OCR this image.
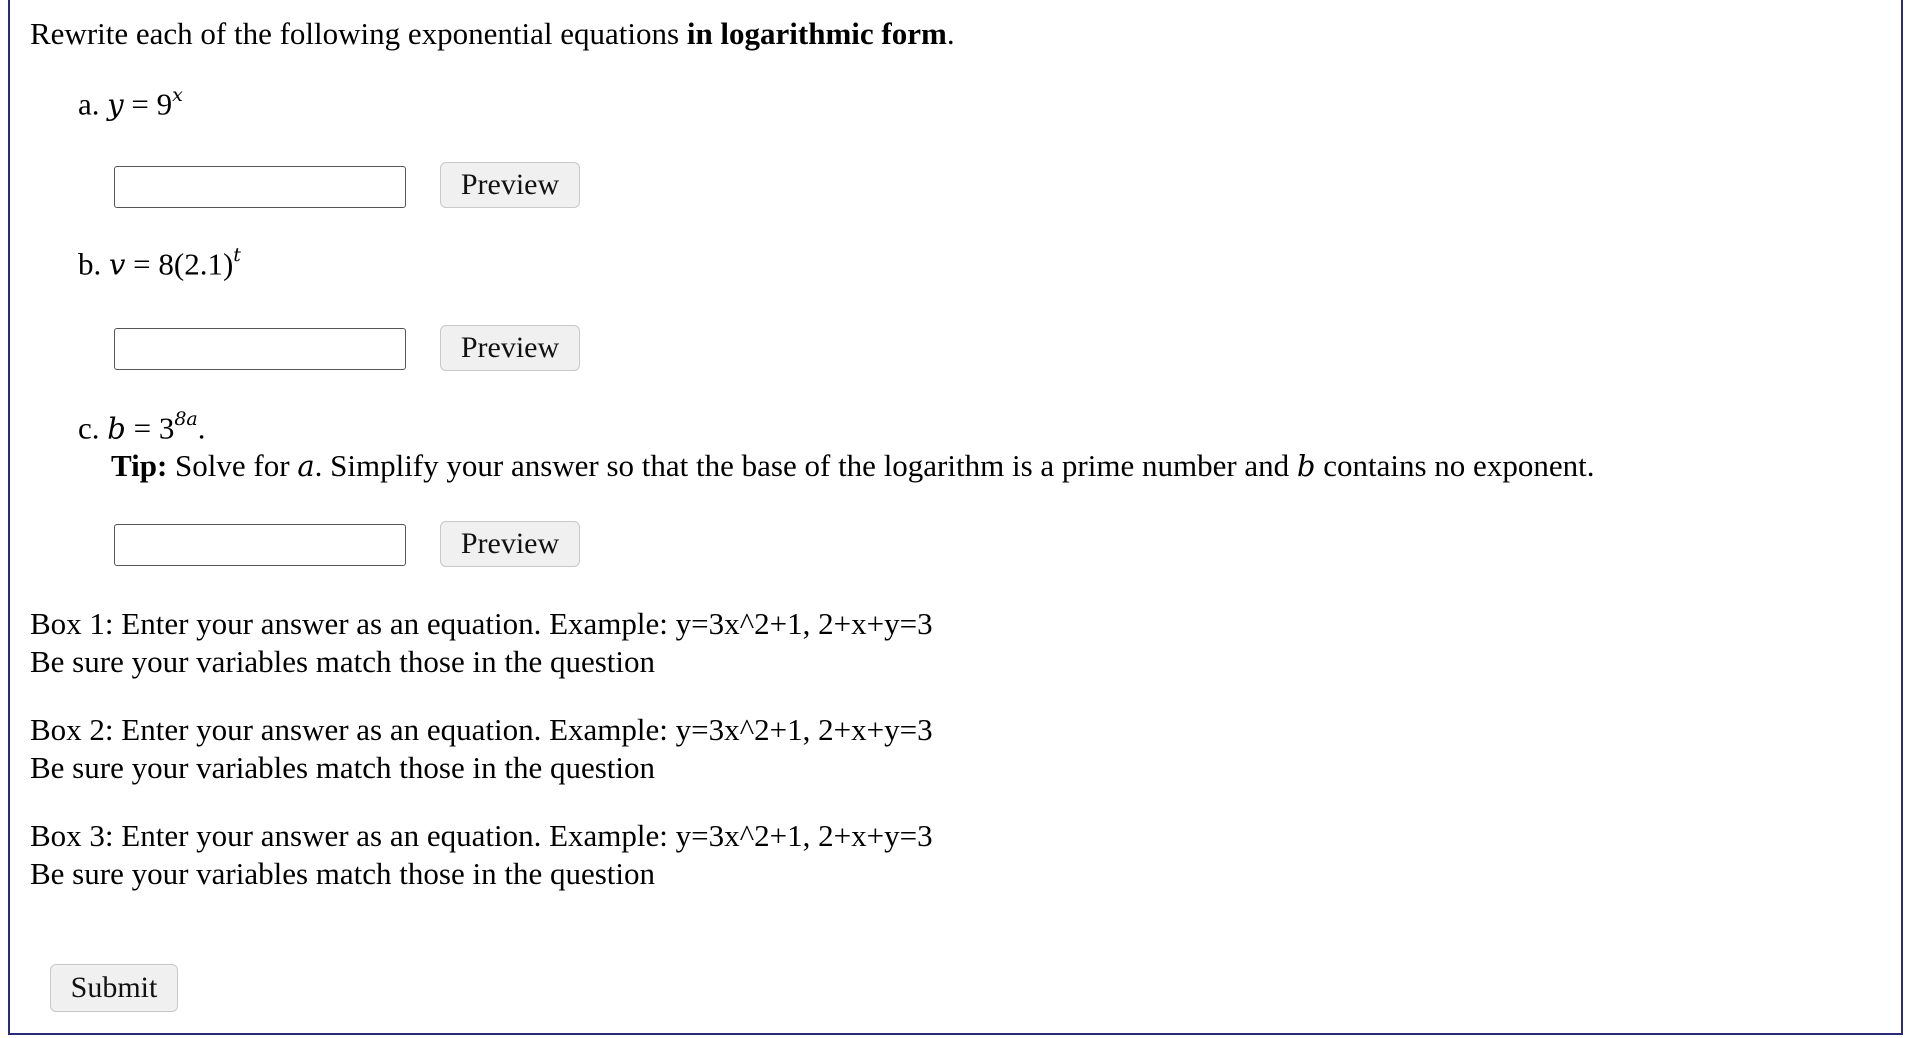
Rewrite each of the following exponential equations in logarithmic form.
a. $y = 9^x$
Preview
b. $v = 8(2.1)^t$
Preview
c. $b = 3^{8a}$.
Tip: Solve for a. Simplify your answer so that the base of the logarithm is a prime number and b contains no exponent.
Preview
Box 1: Enter your answer as an equation. Example: y=3x^2+1, 2+x+y=3
Be sure your variables match those in the question
Box 2: Enter your answer as an equation. Example: y=3x^2+1, 2+x+y=3
Be sure your variables match those in the question
Box 3: Enter your answer as an equation. Example: y=3x^2+1, 2+x+y=3
Be sure your variables match those in the question
Submit
